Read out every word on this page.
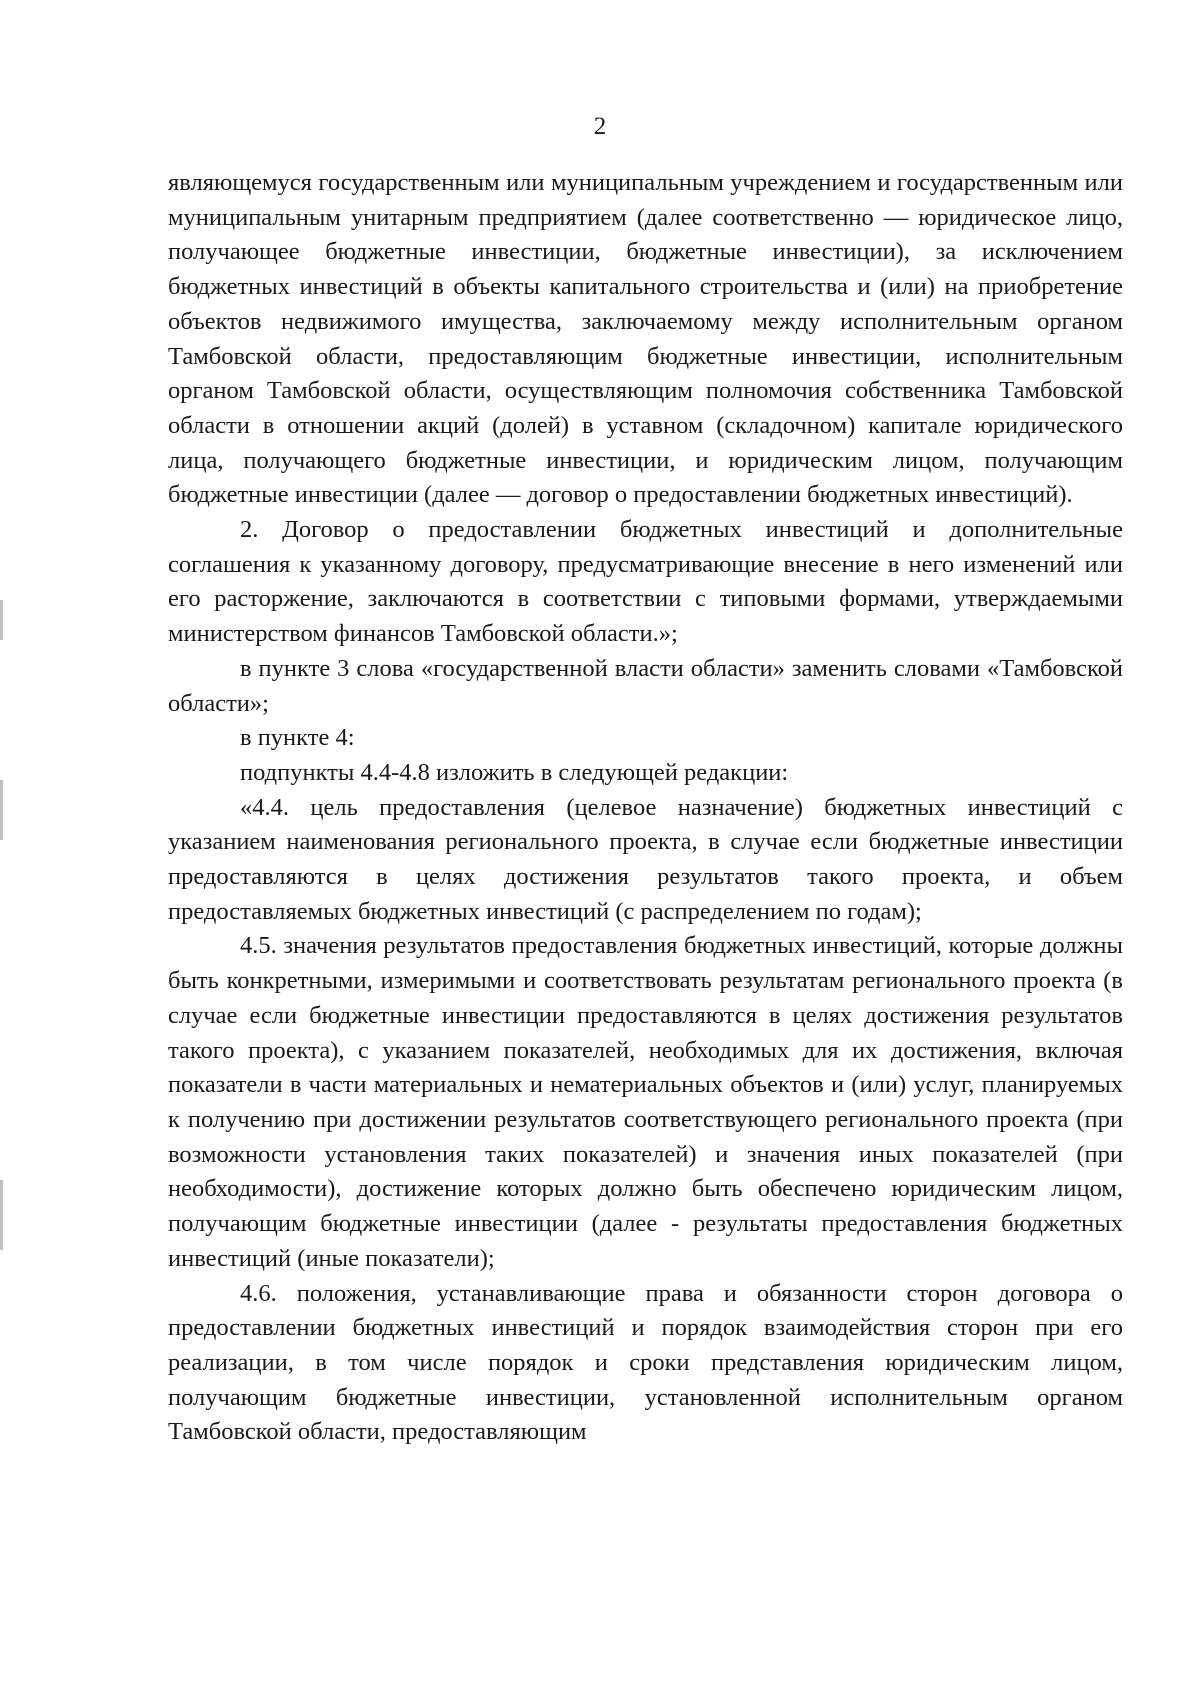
2

являющемуся государственным или муниципальным учреждением и государственным или муниципальным унитарным предприятием (далее соответственно — юридическое лицо, получающее бюджетные инвестиции, бюджетные инвестиции), за исключением бюджетных инвестиций в объекты капитального строительства и (или) на приобретение объектов недвижимого имущества, заключаемому между исполнительным органом Тамбовской области, предоставляющим бюджетные инвестиции, исполнительным органом Тамбовской области, осуществляющим полномочия собственника Тамбовской области в отношении акций (долей) в уставном (складочном) капитале юридического лица, получающего бюджетные инвестиции, и юридическим лицом, получающим бюджетные инвестиции (далее — договор о предоставлении бюджетных инвестиций).

2. Договор о предоставлении бюджетных инвестиций и дополнительные соглашения к указанному договору, предусматривающие внесение в него изменений или его расторжение, заключаются в соответствии с типовыми формами, утверждаемыми министерством финансов Тамбовской области.»;

в пункте 3 слова «государственной власти области» заменить словами «Тамбовской области»;

в пункте 4:

подпункты 4.4-4.8 изложить в следующей редакции:

«4.4. цель предоставления (целевое назначение) бюджетных инвестиций с указанием наименования регионального проекта, в случае если бюджетные инвестиции предоставляются в целях достижения результатов такого проекта, и объем предоставляемых бюджетных инвестиций (с распределением по годам);

4.5. значения результатов предоставления бюджетных инвестиций, которые должны быть конкретными, измеримыми и соответствовать результатам регионального проекта (в случае если бюджетные инвестиции предоставляются в целях достижения результатов такого проекта), с указанием показателей, необходимых для их достижения, включая показатели в части материальных и нематериальных объектов и (или) услуг, планируемых к получению при достижении результатов соответствующего регионального проекта (при возможности установления таких показателей) и значения иных показателей (при необходимости), достижение которых должно быть обеспечено юридическим лицом, получающим бюджетные инвестиции (далее - результаты предоставления бюджетных инвестиций (иные показатели);

4.6. положения, устанавливающие права и обязанности сторон договора о предоставлении бюджетных инвестиций и порядок взаимодействия сторон при его реализации, в том числе порядок и сроки представления юридическим лицом, получающим бюджетные инвестиции, установленной исполнительным органом Тамбовской области, предоставляющим
